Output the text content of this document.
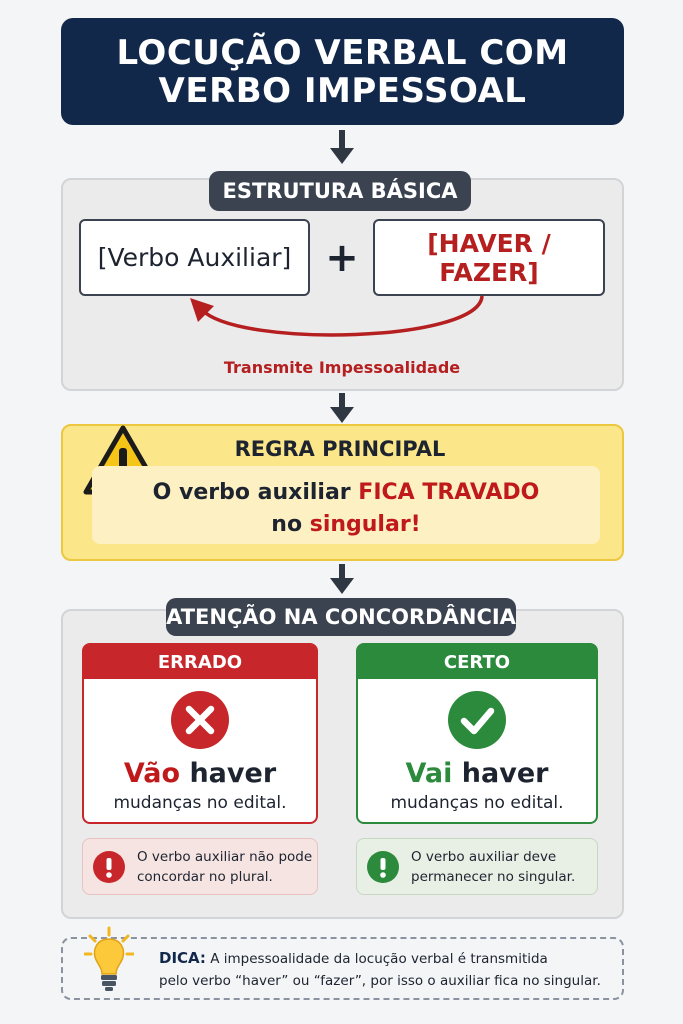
LOCUÇÃO VERBAL COM
VERBO IMPESSOAL
ESTRUTURA BÁSICA
[Verbo Auxiliar] +	[HAVER / FAZER]
Transmite Impessoalidade
REGRA PRINCIPAL
O verbo auxiliar FICA TRAVADO
no singular!
ATENÇÃO NA CONCORDÂNCIA
ERRADO
Vão haver
mudanças no edital.
CERTO
Vai haver
mudanças no edital.
O verbo auxiliar não pode concordar no plural.
O verbo auxiliar deve permanecer no singular.
DICA: A impessoalidade da locução verbal é transmitida
pelo verbo “haver” ou “fazer”, por isso o auxiliar fica no singular.
